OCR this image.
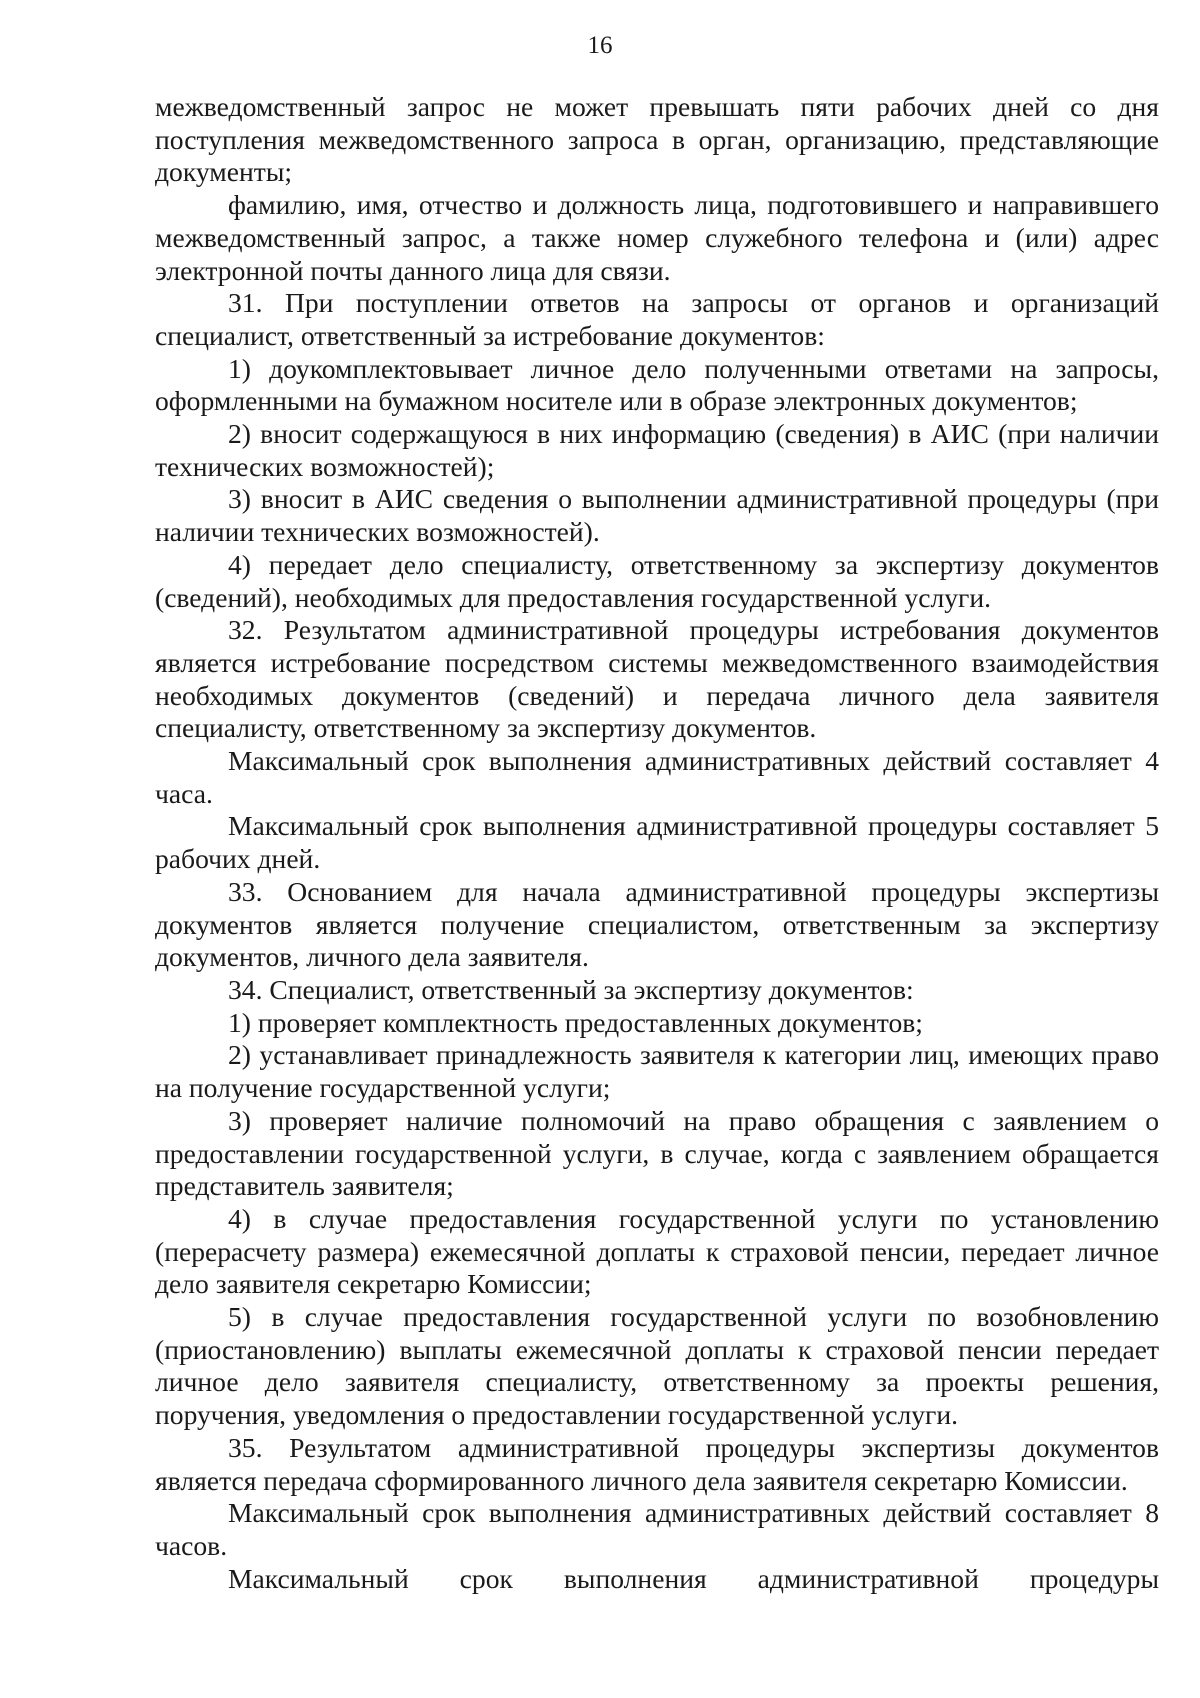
16

межведомственный запрос не может превышать пяти рабочих дней со дня поступления межведомственного запроса в орган, организацию, представляющие документы;

фамилию, имя, отчество и должность лица, подготовившего и направившего межведомственный запрос, а также номер служебного телефона и (или) адрес электронной почты данного лица для связи.

31. При поступлении ответов на запросы от органов и организаций специалист, ответственный за истребование документов:

1) доукомплектовывает личное дело полученными ответами на запросы, оформленными на бумажном носителе или в образе электронных документов;

2) вносит содержащуюся в них информацию (сведения) в АИС (при наличии технических возможностей);

3) вносит в АИС сведения о выполнении административной процедуры (при наличии технических возможностей).

4) передает дело специалисту, ответственному за экспертизу документов (сведений), необходимых для предоставления государственной услуги.

32. Результатом административной процедуры истребования документов является истребование посредством системы межведомственного взаимодействия необходимых документов (сведений) и передача личного дела заявителя специалисту, ответственному за экспертизу документов.

Максимальный срок выполнения административных действий составляет 4 часа.

Максимальный срок выполнения административной процедуры составляет 5 рабочих дней.

33. Основанием для начала административной процедуры экспертизы документов является получение специалистом, ответственным за экспертизу документов, личного дела заявителя.

34. Специалист, ответственный за экспертизу документов:

1) проверяет комплектность предоставленных документов;

2) устанавливает принадлежность заявителя к категории лиц, имеющих право на получение государственной услуги;

3) проверяет наличие полномочий на право обращения с заявлением о предоставлении государственной услуги, в случае, когда с заявлением обращается представитель заявителя;

4) в случае предоставления государственной услуги по установлению (перерасчету размера) ежемесячной доплаты к страховой пенсии, передает личное дело заявителя секретарю Комиссии;

5) в случае предоставления государственной услуги по возобновлению (приостановлению) выплаты ежемесячной доплаты к страховой пенсии передает личное дело заявителя специалисту, ответственному за проекты решения, поручения, уведомления о предоставлении государственной услуги.

35. Результатом административной процедуры экспертизы документов является передача сформированного личного дела заявителя секретарю Комиссии.

Максимальный срок выполнения административных действий составляет 8 часов.

Максимальный срок выполнения административной процедуры
